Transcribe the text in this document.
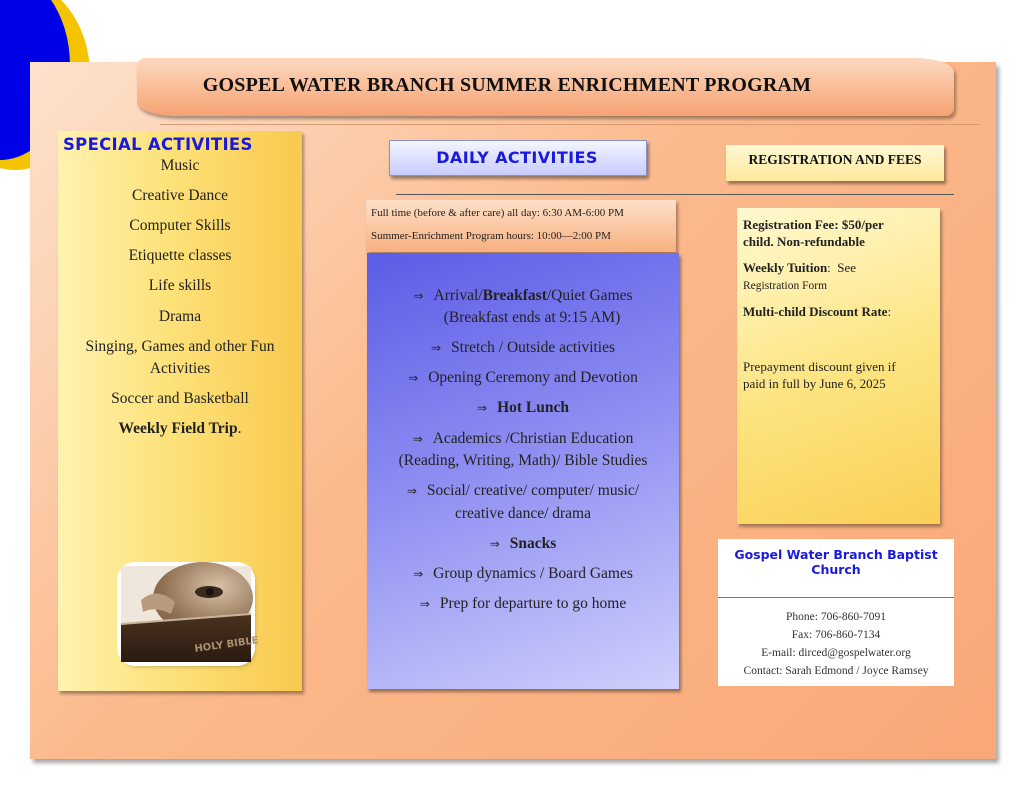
GOSPEL WATER BRANCH SUMMER ENRICHMENT PROGRAM
SPECIAL ACTIVITIES
Music
Creative Dance
Computer Skills
Etiquette classes
Life skills
Drama
Singing, Games and other Fun
Activities
Soccer and Basketball
Weekly Field Trip.
HOLY BIBLE
DAILY ACTIVITIES
Full time (before & after care) all day: 6:30 AM-6:00 PM
Summer-Enrichment Program hours: 10:00—2:00 PM
⇒ Arrival/Breakfast/Quiet Games
(Breakfast ends at 9:15 AM)
⇒ Stretch / Outside activities
⇒ Opening Ceremony and Devotion
⇒ Hot Lunch
⇒ Academics /Christian Education
(Reading, Writing, Math)/ Bible Studies
⇒ Social/ creative/ computer/ music/
creative dance/ drama
⇒ Snacks
⇒ Group dynamics / Board Games
⇒ Prep for departure to go home
REGISTRATION AND FEES
Registration Fee: $50/per
child. Non-refundable
Weekly Tuition: See
Registration Form
Multi-child Discount Rate:
Prepayment discount given if
paid in full by June 6, 2025
Gospel Water Branch Baptist
Church
Phone: 706-860-7091
Fax: 706-860-7134
E-mail: dirced@gospelwater.org
Contact: Sarah Edmond / Joyce Ramsey
